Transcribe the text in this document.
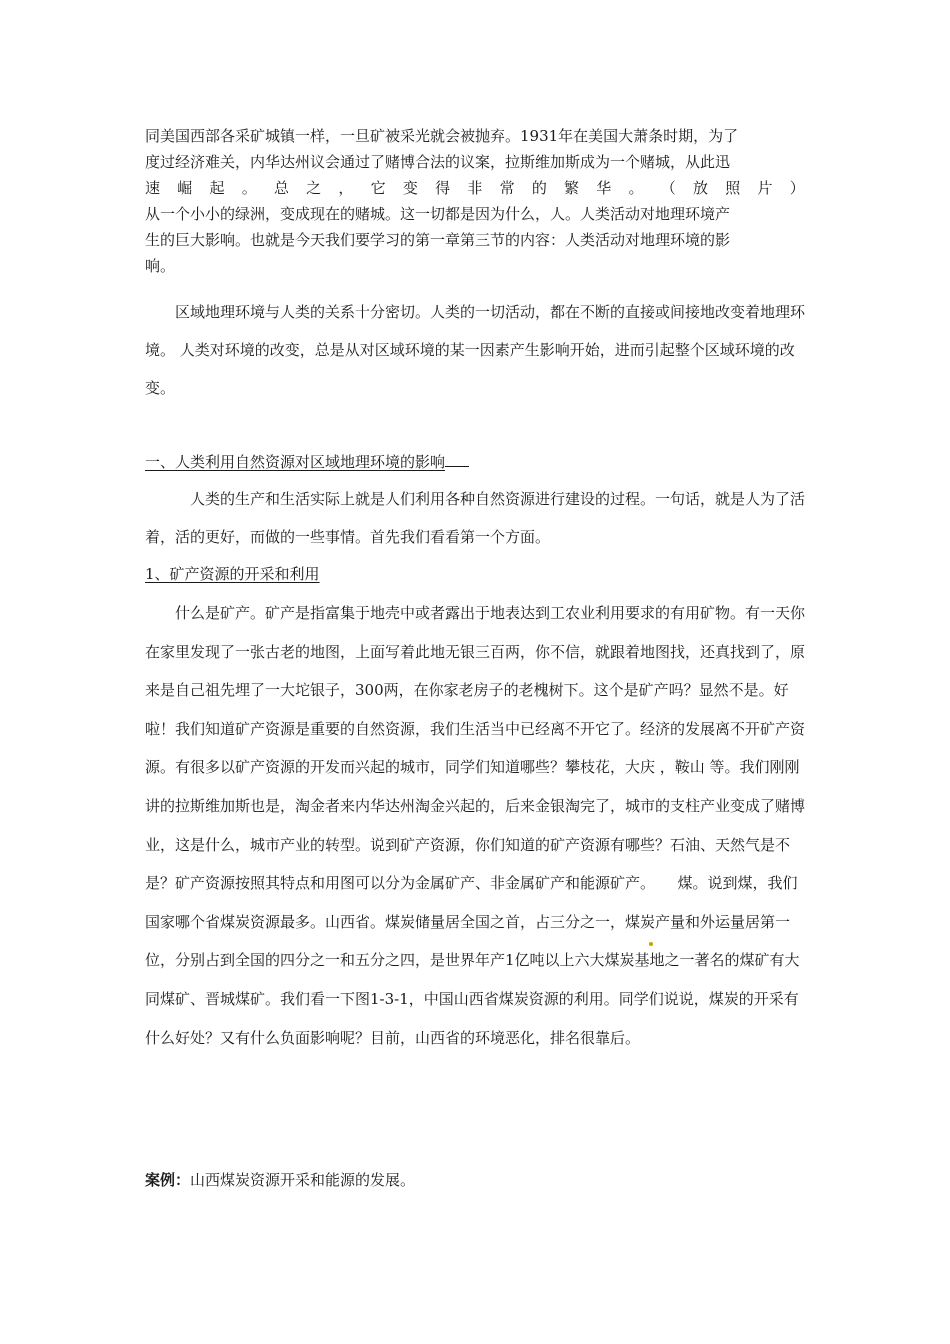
同美国西部各采矿城镇一样，一旦矿被采光就会被抛弃。1931年在美国大萧条时期，为了

度过经济难关，内华达州议会通过了赌博合法的议案，拉斯维加斯成为一个赌城，从此迅

速 崛 起 。 总 之 ， 它 变 得 非 常 的 繁 华 。 （ 放 照 片 ）

从一个小小的绿洲，变成现在的赌城。这一切都是因为什么，人。人类活动对地理环境产

生的巨大影响。也就是今天我们要学习的第一章第三节的内容：人类活动对地理环境的影

响。

区域地理环境与人类的关系十分密切。人类的一切活动，都在不断的直接或间接地改变着地理环境。 人类对环境的改变，总是从对区域环境的某一因素产生影响开始，进而引起整个区域环境的改变。

一、人类利用自然资源对区域地理环境的影响

人类的生产和生活实际上就是人们利用各种自然资源进行建设的过程。一句话，就是人为了活着，活的更好，而做的一些事情。首先我们看看第一个方面。

1、矿产资源的开采和利用

什么是矿产。矿产是指富集于地壳中或者露出于地表达到工农业利用要求的有用矿物。有一天你在家里发现了一张古老的地图，上面写着此地无银三百两，你不信，就跟着地图找，还真找到了，原来是自己祖先埋了一大坨银子，300两，在你家老房子的老槐树下。这个是矿产吗？显然不是。好啦！我们知道矿产资源是重要的自然资源，我们生活当中已经离不开它了。经济的发展离不开矿产资源。有很多以矿产资源的开发而兴起的城市，同学们知道哪些？攀枝花，大庆 ，鞍山 等。我们刚刚讲的拉斯维加斯也是，淘金者来内华达州淘金兴起的，后来金银淘完了，城市的支柱产业变成了赌博业，这是什么，城市产业的转型。说到矿产资源，你们知道的矿产资源有哪些？石油、天然气是不是？矿产资源按照其特点和用图可以分为金属矿产、非金属矿产和能源矿产。　　煤。说到煤，我们国家哪个省煤炭资源最多。山西省。煤炭储量居全国之首，占三分之一，煤炭产量和外运量居第一位，分别占到全国的四分之一和五分之四，是世界年产1亿吨以上六大煤炭基地之一著名的煤矿有大同煤矿、晋城煤矿。我们看一下图1-3-1，中国山西省煤炭资源的利用。同学们说说，煤炭的开采有什么好处？又有什么负面影响呢？目前，山西省的环境恶化，排名很靠后。

案例：山西煤炭资源开采和能源的发展。
